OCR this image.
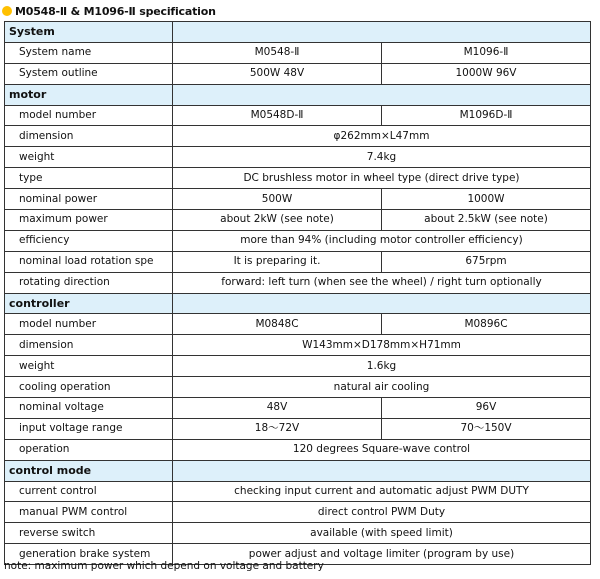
M0548-Ⅱ & M1096-Ⅱ specification
System		
System name	M0548-Ⅱ	M1096-Ⅱ
System outline	500W 48V	1000W 96V
motor		
model number	M0548D-Ⅱ	M1096D-Ⅱ
dimension	φ262mm×L47mm	
weight	7.4kg	
type	DC brushless motor in wheel type (direct drive type)	
nominal power	500W	1000W
maximum power	about 2kW (see note)	about 2.5kW (see note)
efficiency	more than 94% (including motor controller efficiency)	
nominal load rotation spe	It is preparing it.	675rpm
rotating direction	forward: left turn (when see the wheel) / right turn optionally	
controller		
model number	M0848C	M0896C
dimension	W143mm×D178mm×H71mm	
weight	1.6kg	
cooling operation	natural air cooling	
nominal voltage	48V	96V
input voltage range	18～72V	70～150V
operation	120 degrees Square-wave control	
control mode		
current control	checking input current and automatic adjust PWM DUTY	
manual PWM control	direct control PWM Duty	
reverse switch	available (with speed limit)	
generation brake system	power adjust and voltage limiter (program by use)	
note: maximum power which depend on voltage and battery
